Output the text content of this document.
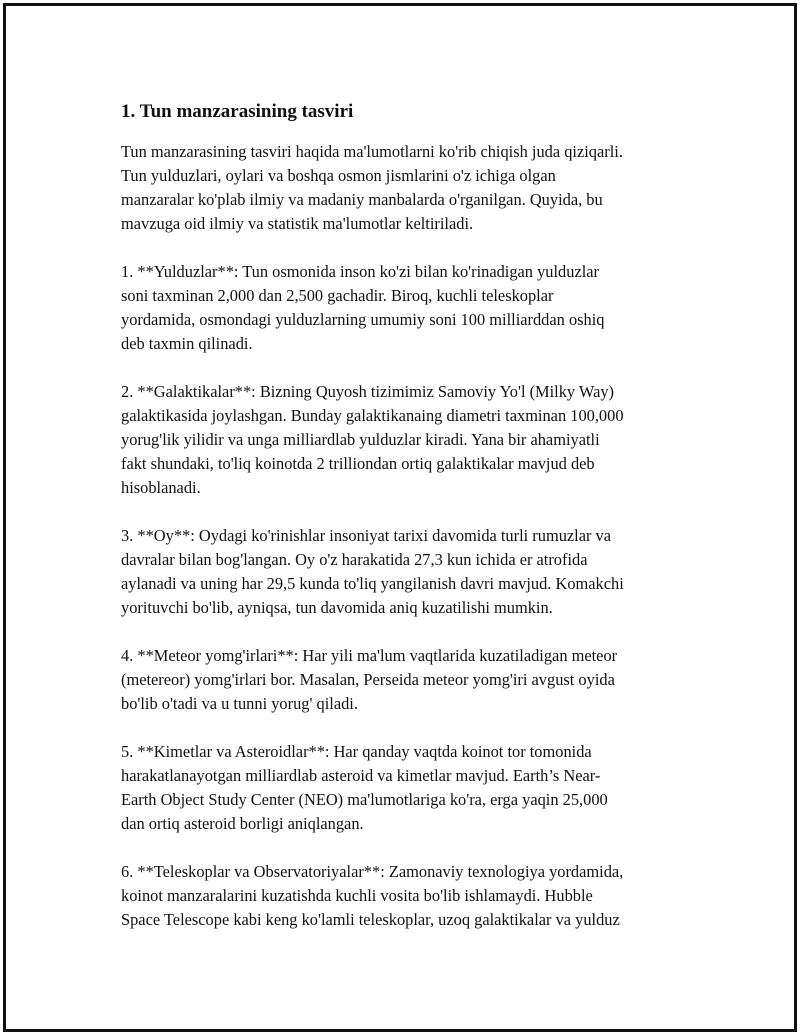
1. Tun manzarasining tasviri

Tun manzarasining tasviri haqida ma'lumotlarni ko'rib chiqish juda qiziqarli.
Tun yulduzlari, oylari va boshqa osmon jismlarini o'z ichiga olgan
manzaralar ko'plab ilmiy va madaniy manbalarda o'rganilgan. Quyida, bu
mavzuga oid ilmiy va statistik ma'lumotlar keltiriladi.

1. **Yulduzlar**: Tun osmonida inson ko'zi bilan ko'rinadigan yulduzlar
soni taxminan 2,000 dan 2,500 gachadir. Biroq, kuchli teleskoplar
yordamida, osmondagi yulduzlarning umumiy soni 100 milliarddan oshiq
deb taxmin qilinadi.

2. **Galaktikalar**: Bizning Quyosh tizimimiz Samoviy Yo'l (Milky Way)
galaktikasida joylashgan. Bunday galaktikanaing diametri taxminan 100,000
yorug'lik yilidir va unga milliardlab yulduzlar kiradi. Yana bir ahamiyatli
fakt shundaki, to'liq koinotda 2 trilliondan ortiq galaktikalar mavjud deb
hisoblanadi.

3. **Oy**: Oydagi ko'rinishlar insoniyat tarixi davomida turli rumuzlar va
davralar bilan bog'langan. Oy o'z harakatida 27,3 kun ichida er atrofida
aylanadi va uning har 29,5 kunda to'liq yangilanish davri mavjud. Komakchi
yorituvchi bo'lib, ayniqsa, tun davomida aniq kuzatilishi mumkin.

4. **Meteor yomg'irlari**: Har yili ma'lum vaqtlarida kuzatiladigan meteor
(metereor) yomg'irlari bor. Masalan, Perseida meteor yomg'iri avgust oyida
bo'lib o'tadi va u tunni yorug' qiladi.

5. **Kimetlar va Asteroidlar**: Har qanday vaqtda koinot tor tomonida
harakatlanayotgan milliardlab asteroid va kimetlar mavjud. Earth’s Near-
Earth Object Study Center (NEO) ma'lumotlariga ko'ra, erga yaqin 25,000
dan ortiq asteroid borligi aniqlangan.

6. **Teleskoplar va Observatoriyalar**: Zamonaviy texnologiya yordamida,
koinot manzaralarini kuzatishda kuchli vosita bo'lib ishlamaydi. Hubble
Space Telescope kabi keng ko'lamli teleskoplar, uzoq galaktikalar va yulduz
